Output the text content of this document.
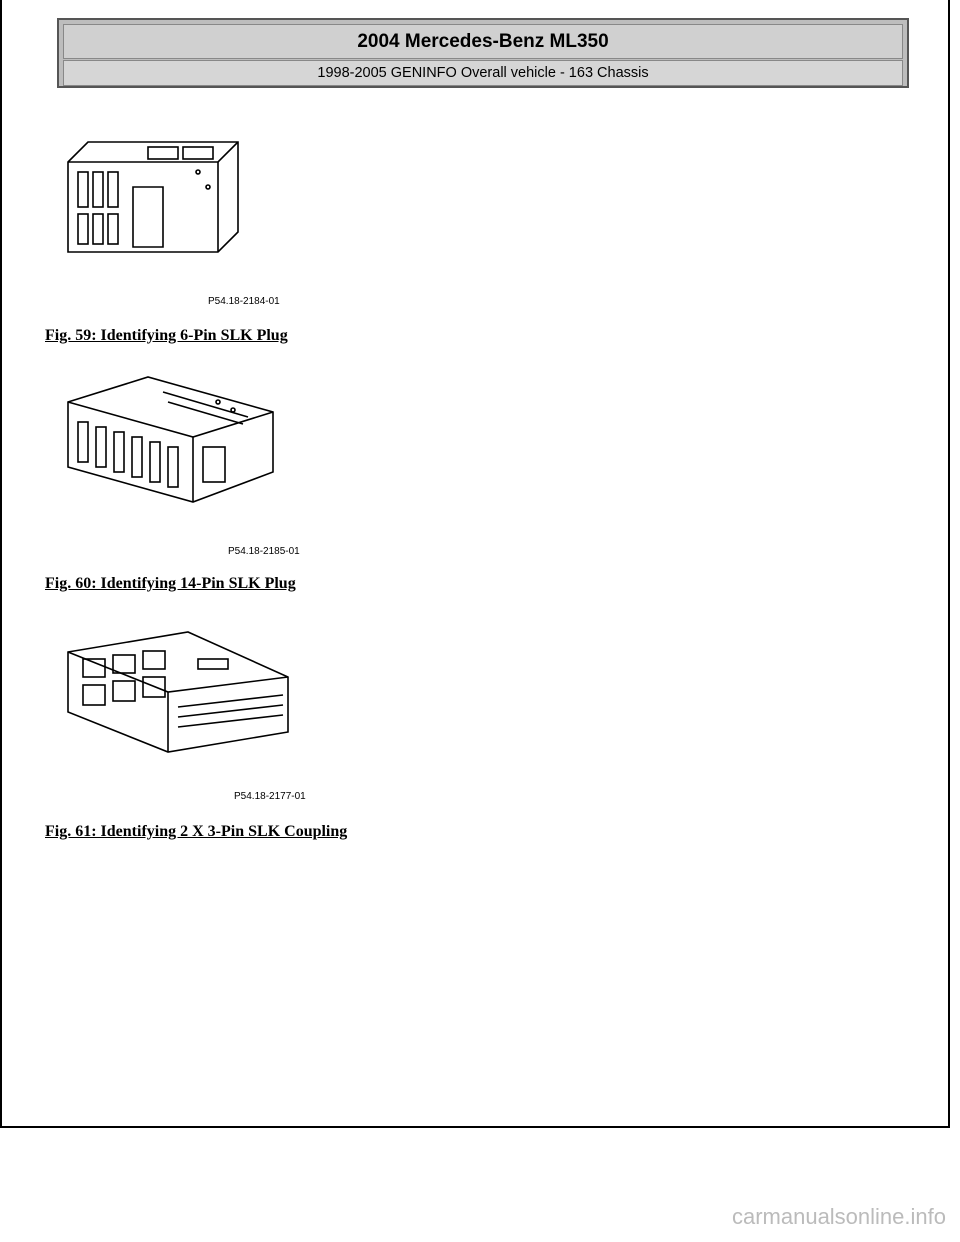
2004 Mercedes-Benz ML350
1998-2005 GENINFO Overall vehicle - 163 Chassis
P54.18-2184-01
Fig. 59: Identifying 6-Pin SLK Plug
P54.18-2185-01
Fig. 60: Identifying 14-Pin SLK Plug
P54.18-2177-01
Fig. 61: Identifying 2 X 3-Pin SLK Coupling
carmanualsonline.info
